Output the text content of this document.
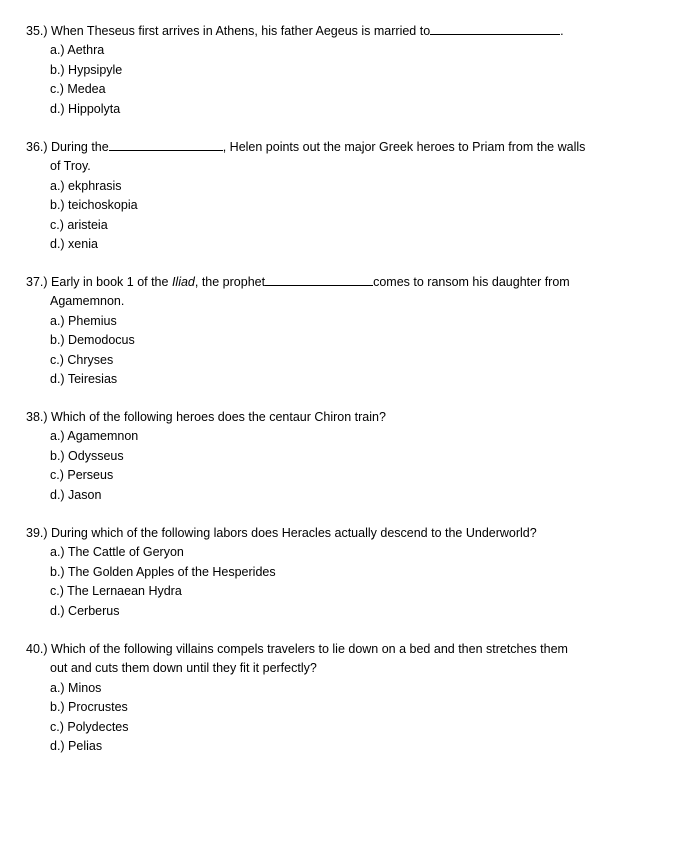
35.) When Theseus first arrives in Athens, his father Aegeus is married to	.
a.) Aethra
b.) Hypsipyle
c.) Medea
d.) Hippolyta
36.) During the	, Helen points out the major Greek heroes to Priam from the walls
of Troy.
a.) ekphrasis
b.) teichoskopia
c.) aristeia
d.) xenia
37.) Early in book 1 of the Iliad, the prophet	comes to ransom his daughter from
Agamemnon.
a.) Phemius
b.) Demodocus
c.) Chryses
d.) Teiresias
38.) Which of the following heroes does the centaur Chiron train?
a.) Agamemnon
b.) Odysseus
c.) Perseus
d.) Jason
39.) During which of the following labors does Heracles actually descend to the Underworld?
a.) The Cattle of Geryon
b.) The Golden Apples of the Hesperides
c.) The Lernaean Hydra
d.) Cerberus
40.) Which of the following villains compels travelers to lie down on a bed and then stretches them
out and cuts them down until they fit it perfectly?
a.) Minos
b.) Procrustes
c.) Polydectes
d.) Pelias
